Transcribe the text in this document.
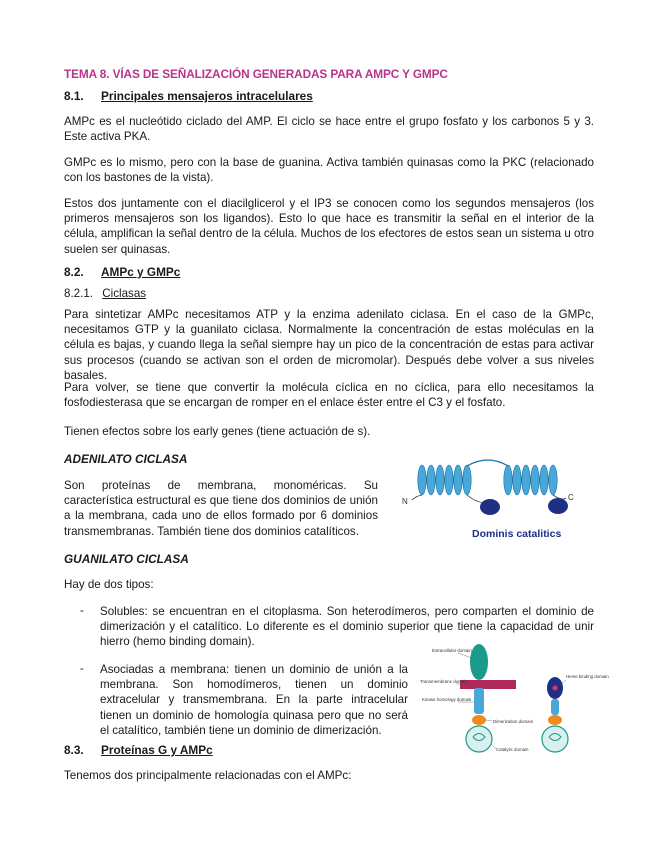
TEMA 8. VÍAS DE SEÑALIZACIÓN GENERADAS PARA AMPC Y GMPC
8.1. Principales mensajeros intracelulares
AMPc es el nucleótido ciclado del AMP. El ciclo se hace entre el grupo fosfato y los carbonos 5 y 3. Este activa PKA.
GMPc es lo mismo, pero con la base de guanina. Activa también quinasas como la PKC (relacionado con los bastones de la vista).
Estos dos juntamente con el diacilglicerol y el IP3 se conocen como los segundos mensajeros (los primeros mensajeros son los ligandos). Esto lo que hace es transmitir la señal en el interior de la célula, amplifican la señal dentro de la célula. Muchos de los efectores de estos sean un sistema u otro suelen ser quinasas.
8.2. AMPc y GMPc
8.2.1. Ciclasas
Para sintetizar AMPc necesitamos ATP y la enzima adenilato ciclasa. En el caso de la GMPc, necesitamos GTP y la guanilato ciclasa. Normalmente la concentración de estas moléculas en la célula es bajas, y cuando llega la señal siempre hay un pico de la concentración de estas para activar sus procesos (cuando se activan son el orden de micromolar). Después debe volver a sus niveles basales.
Para volver, se tiene que convertir la molécula cíclica en no cíclica, para ello necesitamos la fosfodiesterasa que se encargan de romper en el enlace éster entre el C3 y el fosfato.
Tienen efectos sobre los early genes (tiene actuación de s).
ADENILATO CICLASA
Son proteínas de membrana, monoméricas. Su característica estructural es que tiene dos dominios de unión a la membrana, cada uno de ellos formado por 6 dominios transmembranas. También tiene dos dominios catalíticos.
N	C
Dominis catalitics
GUANILATO CICLASA
Hay de dos tipos:
- Solubles: se encuentran en el citoplasma. Son heterodímeros, pero comparten el dominio de dimerización y el catalítico. Lo diferente es el dominio superior que tiene la capacidad de unir hierro (hemo binding domain).
- Asociadas a membrana: tienen un dominio de unión a la membrana. Son homodímeros, tienen un dominio extracelular y transmembrana. En la parte intracelular tienen un dominio de homología quinasa pero que no será el catalítico, también tiene un dominio de dimerización.
Extracellular domain
Transmembrane domain
Kinase homology domain
Dimerization domain
Catalytic domain
Heme binding domain
8.3. Proteínas G y AMPc
Tenemos dos principalmente relacionadas con el AMPc:
